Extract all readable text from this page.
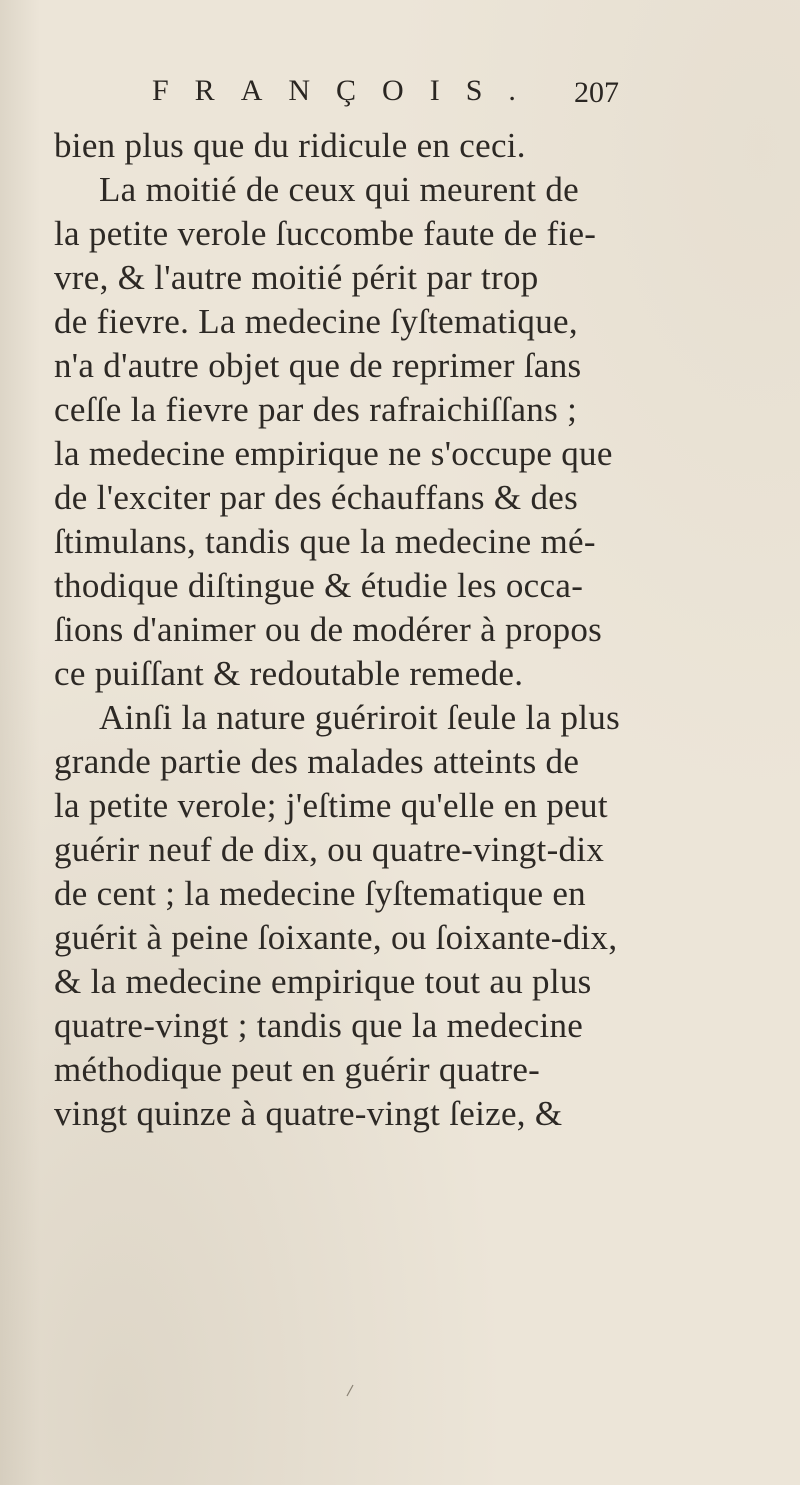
FRANÇOIS. 207
bien plus que du ridicule en ceci.
La moitié de ceux qui meurent de
la petite verole ſuccombe faute de fie-
vre, & l'autre moitié périt par trop
de fievre. La medecine ſyſtematique,
n'a d'autre objet que de reprimer ſans
ceſſe la fievre par des rafraichiſſans ;
la medecine empirique ne s'occupe que
de l'exciter par des échauffans & des
ſtimulans, tandis que la medecine mé-
thodique diſtingue & étudie les occa-
ſions d'animer ou de modérer à propos
ce puiſſant & redoutable remede.
Ainſi la nature guériroit ſeule la plus
grande partie des malades atteints de
la petite verole; j'eſtime qu'elle en peut
guérir neuf de dix, ou quatre-vingt-dix
de cent ; la medecine ſyſtematique en
guérit à peine ſoixante, ou ſoixante-dix,
& la medecine empirique tout au plus
quatre-vingt ; tandis que la medecine
méthodique peut en guérir quatre-
vingt quinze à quatre-vingt ſeize, &
